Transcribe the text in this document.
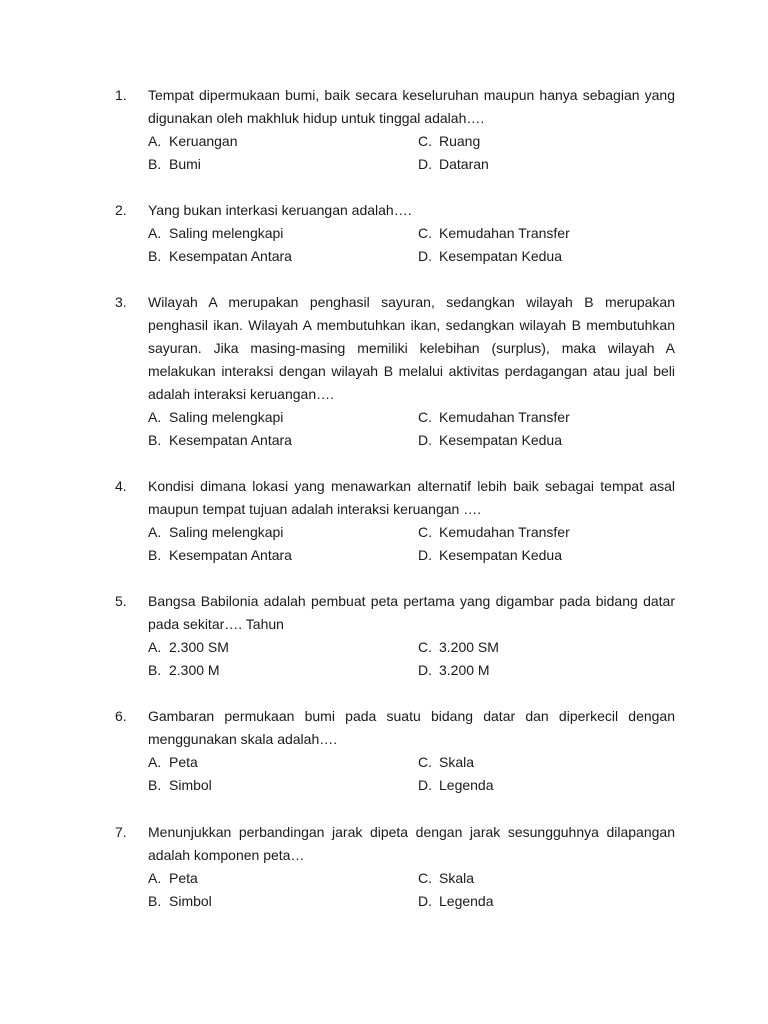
1.	Tempat dipermukaan bumi, baik secara keseluruhan maupun hanya sebagian yang digunakan oleh makhluk hidup untuk tinggal adalah….
A. Keruangan	C. Ruang
B. Bumi	D. Dataran
2.	Yang bukan interkasi keruangan adalah….
A. Saling melengkapi	C. Kemudahan Transfer
B. Kesempatan Antara	D. Kesempatan Kedua
3.	Wilayah A merupakan penghasil sayuran, sedangkan wilayah B merupakan penghasil ikan. Wilayah A membutuhkan ikan, sedangkan wilayah B membutuhkan sayuran. Jika masing-masing memiliki kelebihan (surplus), maka wilayah A melakukan interaksi dengan wilayah B melalui aktivitas perdagangan atau jual beli adalah interaksi keruangan….
A. Saling melengkapi	C. Kemudahan Transfer
B. Kesempatan Antara	D. Kesempatan Kedua
4.	Kondisi dimana lokasi yang menawarkan alternatif lebih baik sebagai tempat asal maupun tempat tujuan adalah interaksi keruangan ….
A. Saling melengkapi	C. Kemudahan Transfer
B. Kesempatan Antara	D. Kesempatan Kedua
5.	Bangsa Babilonia adalah pembuat peta pertama yang digambar pada bidang datar pada sekitar…. Tahun
A. 2.300 SM	C. 3.200 SM
B. 2.300 M	D. 3.200 M
6.	Gambaran permukaan bumi pada suatu bidang datar dan diperkecil dengan menggunakan skala adalah….
A. Peta	C. Skala
B. Simbol	D. Legenda
7.	Menunjukkan perbandingan jarak dipeta dengan jarak sesungguhnya dilapangan adalah komponen peta…
A. Peta	C. Skala
B. Simbol	D. Legenda
